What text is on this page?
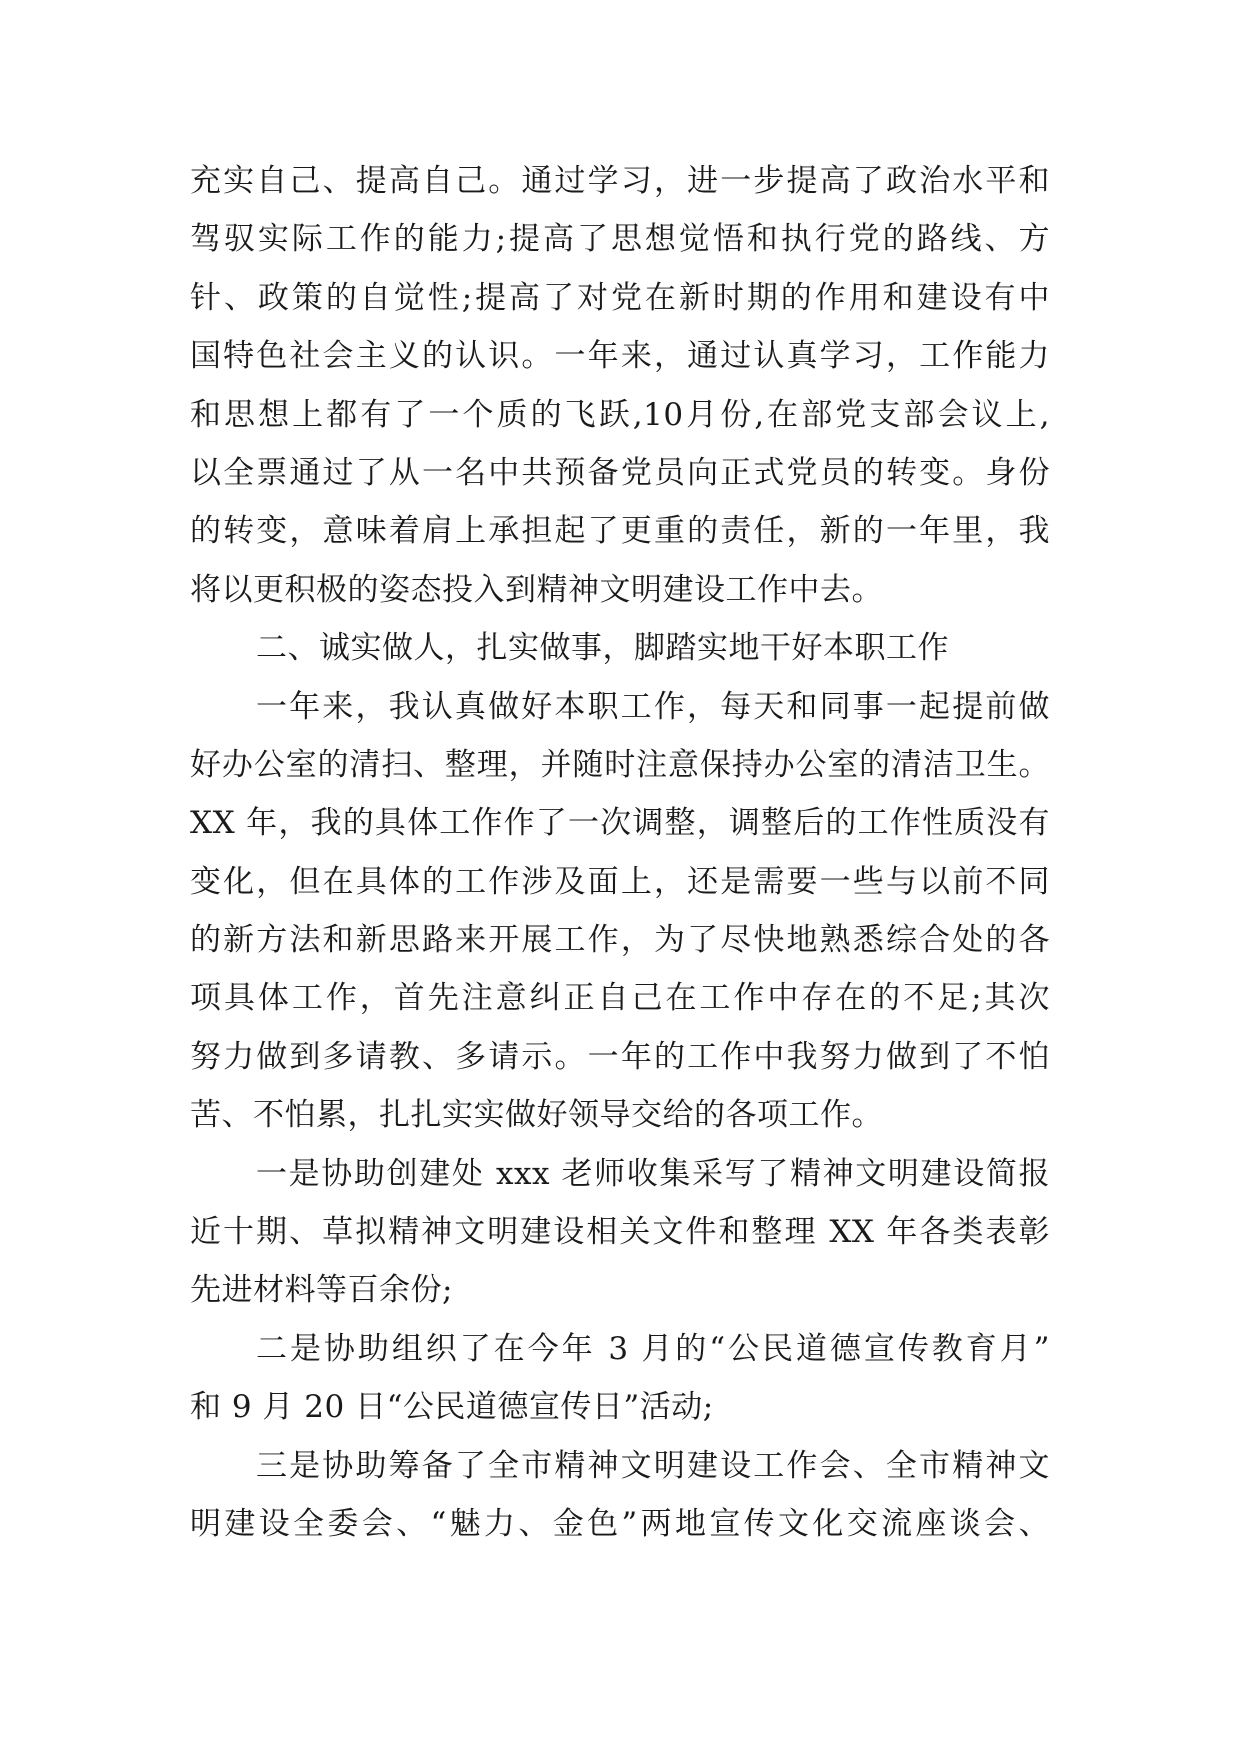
充实自己、提高自己。通过学习，进一步提高了政治水平和
驾驭实际工作的能力;提高了思想觉悟和执行党的路线、方
针、政策的自觉性;提高了对党在新时期的作用和建设有中
国特色社会主义的认识。一年来，通过认真学习，工作能力
和思想上都有了一个质的飞跃,10月份,在部党支部会议上,
以全票通过了从一名中共预备党员向正式党员的转变。身份
的转变，意味着肩上承担起了更重的责任，新的一年里，我
将以更积极的姿态投入到精神文明建设工作中去。
二、诚实做人，扎实做事，脚踏实地干好本职工作
一年来，我认真做好本职工作，每天和同事一起提前做
好办公室的清扫、整理，并随时注意保持办公室的清洁卫生。
XX 年，我的具体工作作了一次调整，调整后的工作性质没有
变化，但在具体的工作涉及面上，还是需要一些与以前不同
的新方法和新思路来开展工作，为了尽快地熟悉综合处的各
项具体工作，首先注意纠正自己在工作中存在的不足;其次
努力做到多请教、多请示。一年的工作中我努力做到了不怕
苦、不怕累，扎扎实实做好领导交给的各项工作。
一是协助创建处 xxx 老师收集采写了精神文明建设简报
近十期、草拟精神文明建设相关文件和整理 XX 年各类表彰
先进材料等百余份;
二是协助组织了在今年 3 月的“公民道德宣传教育月”
和 9 月 20 日“公民道德宣传日”活动;
三是协助筹备了全市精神文明建设工作会、全市精神文
明建设全委会、“魅力、金色”两地宣传文化交流座谈会、
